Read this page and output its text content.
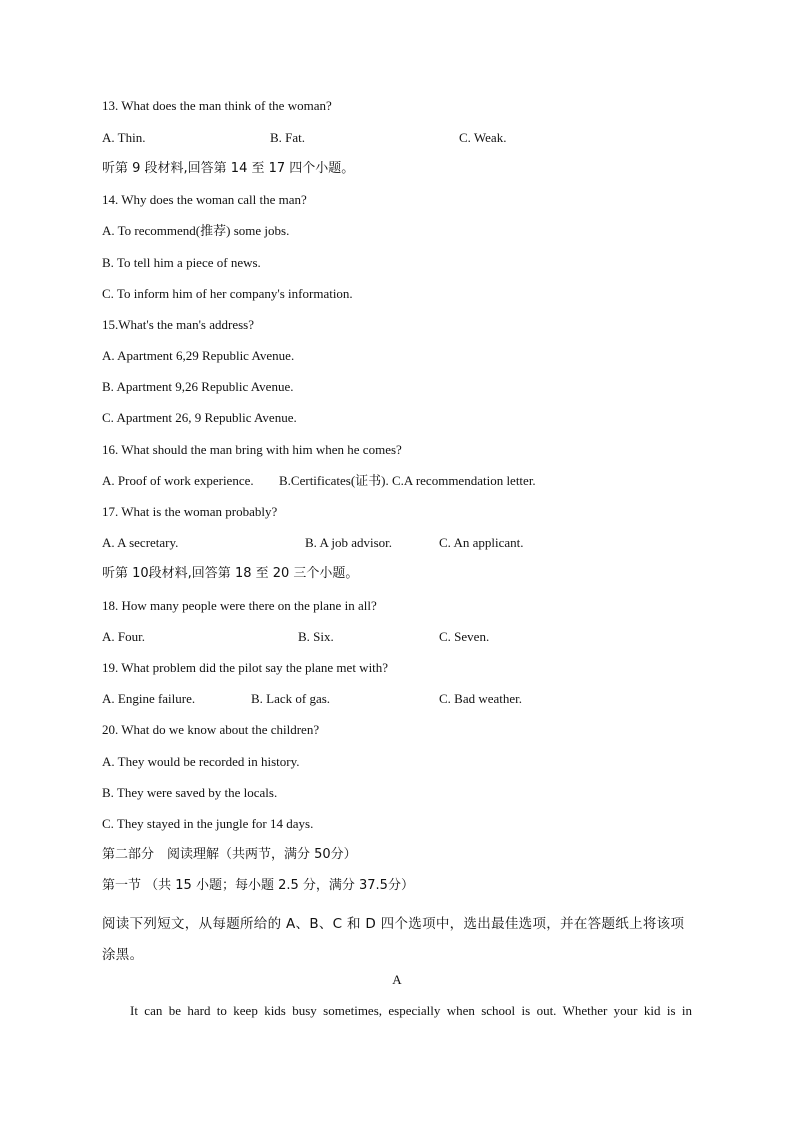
13. What does the man think of the woman?
A. Thin.	B. Fat.	C. Weak.
听第 9 段材料,回答第 14 至 17 四个小题。
14. Why does the woman call the man?
A. To recommend(推荐) some jobs.
B. To tell him a piece of news.
C. To inform him of her company's information.
15.What's the man's address?
A. Apartment 6,29 Republic Avenue.
B. Apartment 9,26 Republic Avenue.
C. Apartment 26, 9 Republic Avenue.
16. What should the man bring with him when he comes?
A. Proof of work experience. B.Certificates(证书). C.A recommendation letter.
17. What is the woman probably?
A. A secretary.	B. A job advisor.	C. An applicant.
听第 10段材料,回答第 18 至 20 三个小题。
18. How many people were there on the plane in all?
A. Four.	B. Six.	C. Seven.
19. What problem did the pilot say the plane met with?
A. Engine failure.	B. Lack of gas.	C. Bad weather.
20. What do we know about the children?
A. They would be recorded in history.
B. They were saved by the locals.
C. They stayed in the jungle for 14 days.
第二部分　阅读理解（共两节，满分 50分）
第一节 （共 15 小题；每小题 2.5 分，满分 37.5分）
阅读下列短文，从每题所给的 A、B、C 和 D 四个选项中，选出最佳选项，并在答题纸上将该项涂黑。
A
It can be hard to keep kids busy sometimes, especially when school is out. Whether your kid is in
